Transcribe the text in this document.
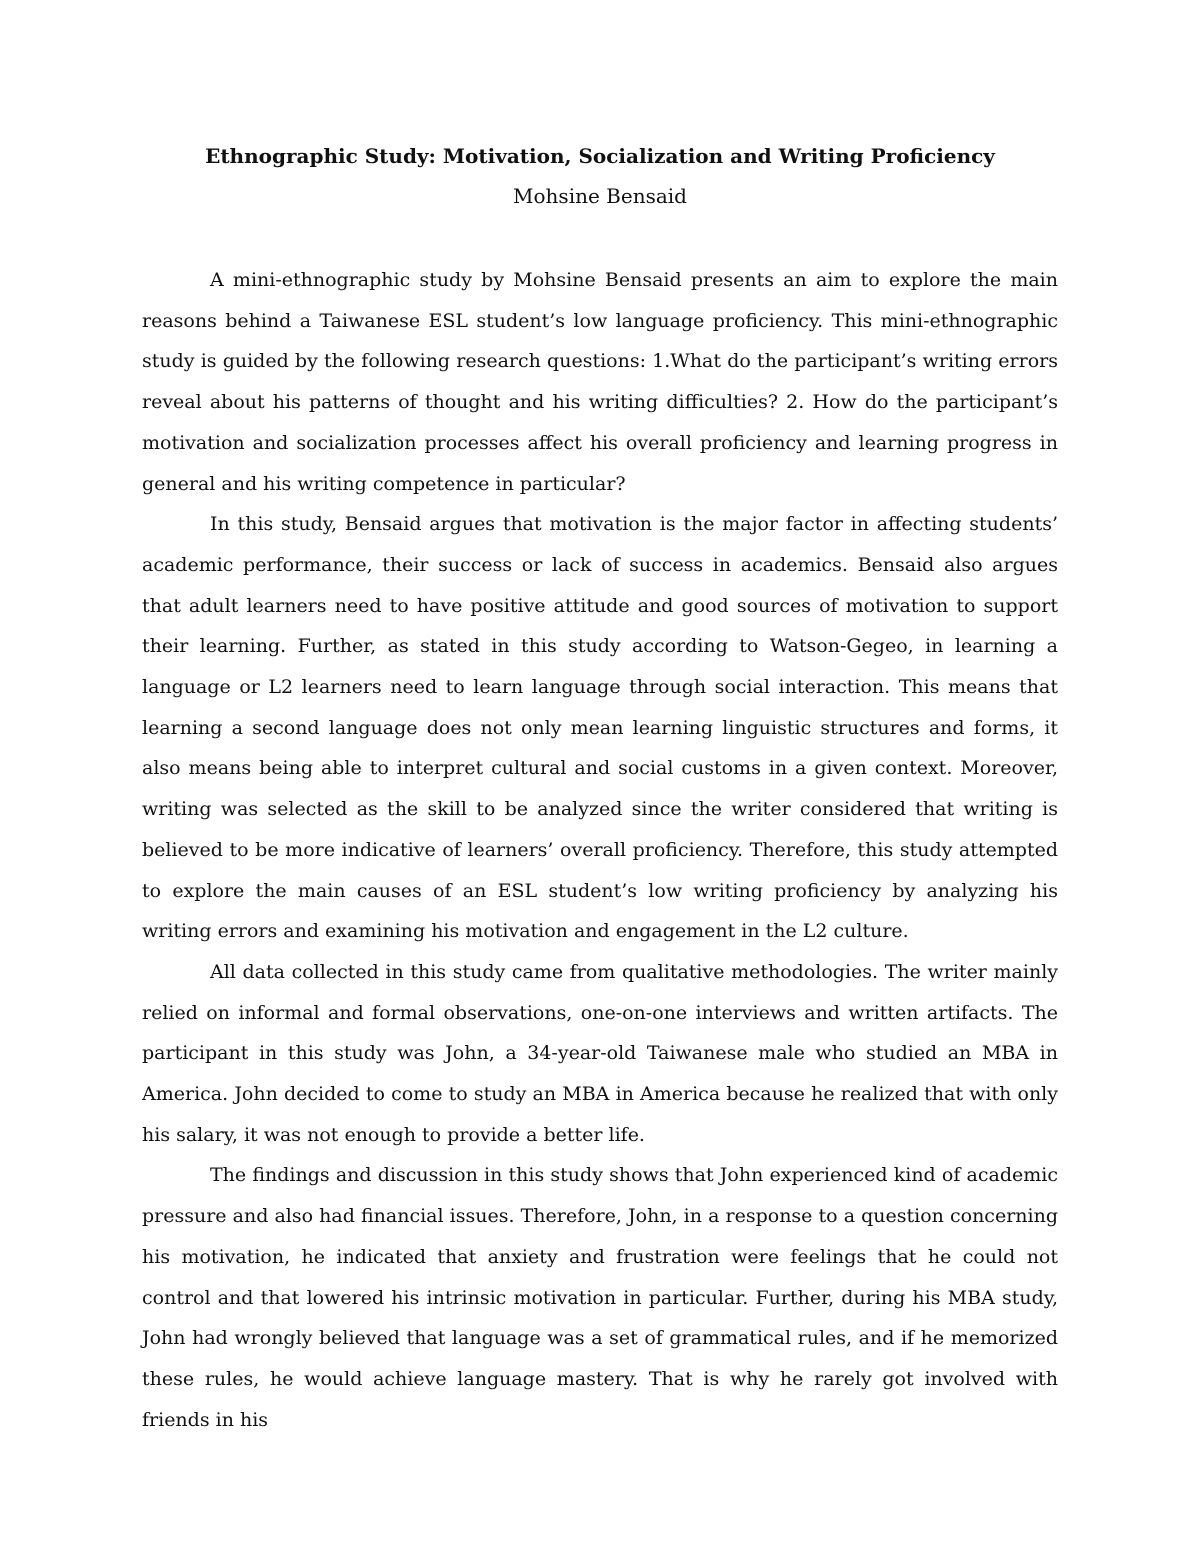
Ethnographic Study: Motivation, Socialization and Writing Proficiency
Mohsine Bensaid

A mini-ethnographic study by Mohsine Bensaid presents an aim to explore the main reasons behind a Taiwanese ESL student’s low language proficiency. This mini-ethnographic study is guided by the following research questions: 1.What do the participant’s writing errors reveal about his patterns of thought and his writing difficulties? 2. How do the participant’s motivation and socialization processes affect his overall proficiency and learning progress in general and his writing competence in particular?

In this study, Bensaid argues that motivation is the major factor in affecting students’ academic performance, their success or lack of success in academics. Bensaid also argues that adult learners need to have positive attitude and good sources of motivation to support their learning. Further, as stated in this study according to Watson-Gegeo, in learning a language or L2 learners need to learn language through social interaction. This means that learning a second language does not only mean learning linguistic structures and forms, it also means being able to interpret cultural and social customs in a given context. Moreover, writing was selected as the skill to be analyzed since the writer considered that writing is believed to be more indicative of learners’ overall proficiency. Therefore, this study attempted to explore the main causes of an ESL student’s low writing proficiency by analyzing his writing errors and examining his motivation and engagement in the L2 culture.

All data collected in this study came from qualitative methodologies. The writer mainly relied on informal and formal observations, one-on-one interviews and written artifacts. The participant in this study was John, a 34-year-old Taiwanese male who studied an MBA in America. John decided to come to study an MBA in America because he realized that with only his salary, it was not enough to provide a better life.

The findings and discussion in this study shows that John experienced kind of academic pressure and also had financial issues. Therefore, John, in a response to a question concerning his motivation, he indicated that anxiety and frustration were feelings that he could not control and that lowered his intrinsic motivation in particular. Further, during his MBA study, John had wrongly believed that language was a set of grammatical rules, and if he memorized these rules, he would achieve language mastery. That is why he rarely got involved with friends in his
